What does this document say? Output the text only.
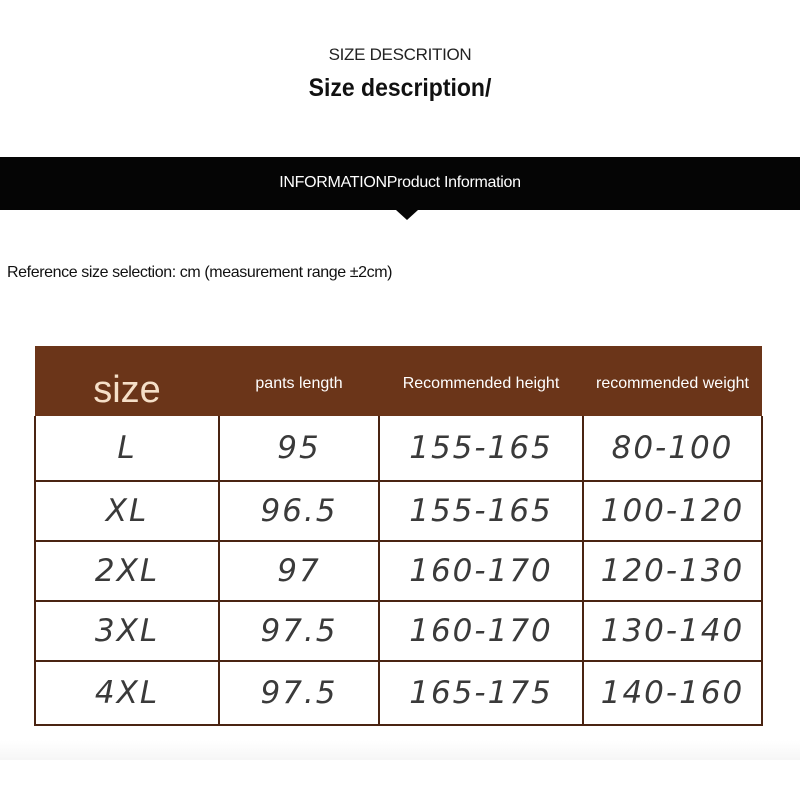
SIZE DESCRITION
Size description/
INFORMATIONProduct Information
Reference size selection: cm (measurement range ±2cm)
size	pants length	Recommended height	recommended weight
L	95	155-165	80-100
XL	96.5	155-165	100-120
2XL	97	160-170	120-130
3XL	97.5	160-170	130-140
4XL	97.5	165-175	140-160
